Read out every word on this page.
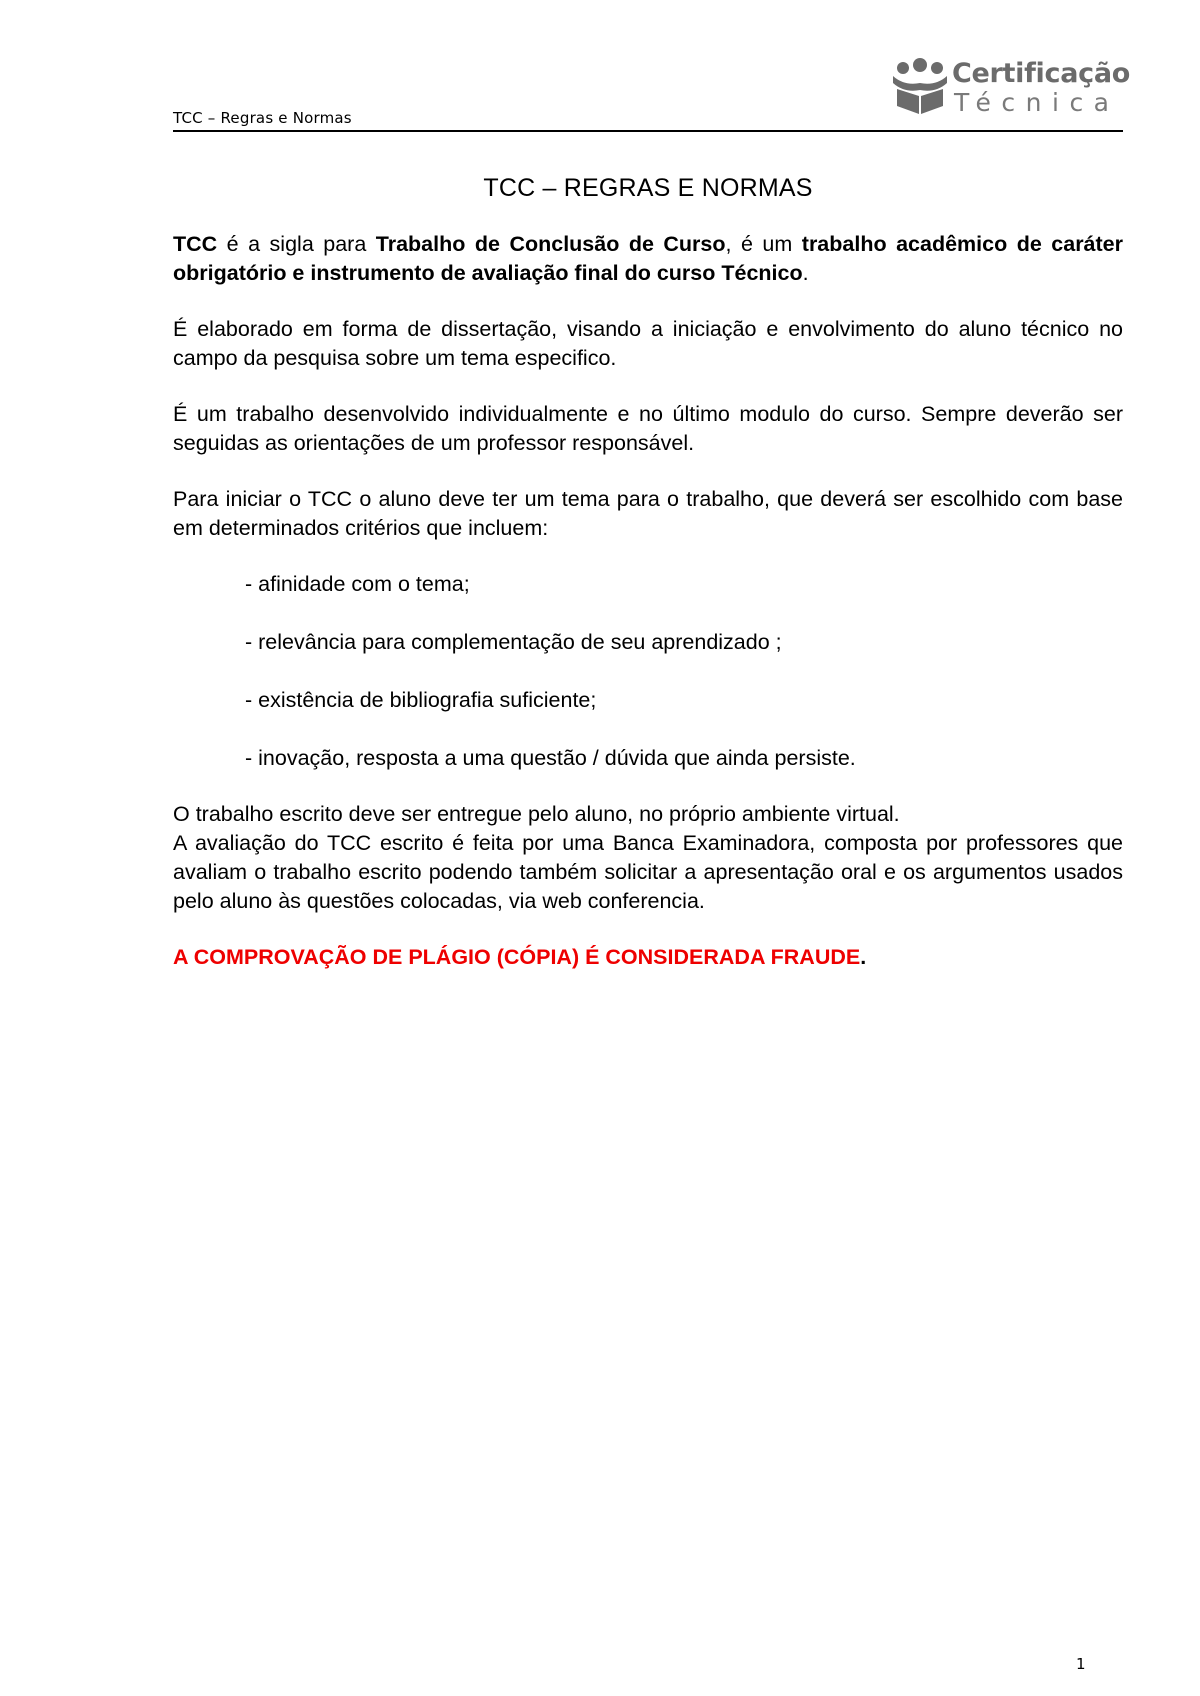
TCC – Regras e Normas
Certificação
Técnica
TCC – REGRAS E NORMAS

TCC é a sigla para Trabalho de Conclusão de Curso, é um trabalho acadêmico de caráter obrigatório e instrumento de avaliação final do curso Técnico.

É elaborado em forma de dissertação, visando a iniciação e envolvimento do aluno técnico no campo da pesquisa sobre um tema especifico.

É um trabalho desenvolvido individualmente e no último modulo do curso. Sempre deverão ser seguidas as orientações de um professor responsável.

Para iniciar o TCC o aluno deve ter um tema para o trabalho, que deverá ser escolhido com base em determinados critérios que incluem:

- afinidade com o tema;
- relevância para complementação de seu aprendizado ;
- existência de bibliografia suficiente;
- inovação, resposta a uma questão / dúvida que ainda persiste.

O trabalho escrito deve ser entregue pelo aluno, no próprio ambiente virtual.
A avaliação do TCC escrito é feita por uma Banca Examinadora, composta por professores que avaliam o trabalho escrito podendo também solicitar a apresentação oral e os argumentos usados pelo aluno às questões colocadas, via web conferencia.

A COMPROVAÇÃO DE PLÁGIO (CÓPIA) É CONSIDERADA FRAUDE.

1
